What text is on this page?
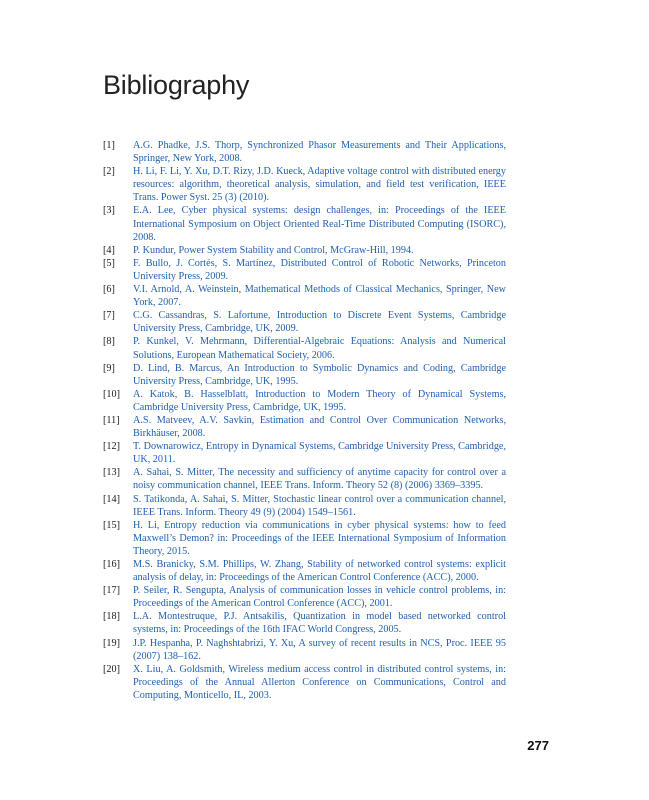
Bibliography
[1]	A.G. Phadke, J.S. Thorp, Synchronized Phasor Measurements and Their Applications, Springer, New York, 2008.
[2]	H. Li, F. Li, Y. Xu, D.T. Rizy, J.D. Kueck, Adaptive voltage control with distributed energy resources: algorithm, theoretical analysis, simulation, and field test verification, IEEE Trans. Power Syst. 25 (3) (2010).
[3]	E.A. Lee, Cyber physical systems: design challenges, in: Proceedings of the IEEE International Symposium on Object Oriented Real-Time Distributed Computing (ISORC), 2008.
[4]	P. Kundur, Power System Stability and Control, McGraw-Hill, 1994.
[5]	F. Bullo, J. Cortés, S. Martínez, Distributed Control of Robotic Networks, Princeton University Press, 2009.
[6]	V.I. Arnold, A. Weinstein, Mathematical Methods of Classical Mechanics, Springer, New York, 2007.
[7]	C.G. Cassandras, S. Lafortune, Introduction to Discrete Event Systems, Cambridge University Press, Cambridge, UK, 2009.
[8]	P. Kunkel, V. Mehrmann, Differential-Algebraic Equations: Analysis and Numerical Solutions, European Mathematical Society, 2006.
[9]	D. Lind, B. Marcus, An Introduction to Symbolic Dynamics and Coding, Cambridge University Press, Cambridge, UK, 1995.
[10]	A. Katok, B. Hasselblatt, Introduction to Modern Theory of Dynamical Systems, Cambridge University Press, Cambridge, UK, 1995.
[11]	A.S. Matveev, A.V. Savkin, Estimation and Control Over Communication Networks, Birkhäuser, 2008.
[12]	T. Downarowicz, Entropy in Dynamical Systems, Cambridge University Press, Cambridge, UK, 2011.
[13]	A. Sahai, S. Mitter, The necessity and sufficiency of anytime capacity for control over a noisy communication channel, IEEE Trans. Inform. Theory 52 (8) (2006) 3369–3395.
[14]	S. Tatikonda, A. Sahai, S. Mitter, Stochastic linear control over a communication channel, IEEE Trans. Inform. Theory 49 (9) (2004) 1549–1561.
[15]	H. Li, Entropy reduction via communications in cyber physical systems: how to feed Maxwell’s Demon? in: Proceedings of the IEEE International Symposium of Information Theory, 2015.
[16]	M.S. Branicky, S.M. Phillips, W. Zhang, Stability of networked control systems: explicit analysis of delay, in: Proceedings of the American Control Conference (ACC), 2000.
[17]	P. Seiler, R. Sengupta, Analysis of communication losses in vehicle control problems, in: Proceedings of the American Control Conference (ACC), 2001.
[18]	L.A. Montestruque, P.J. Antsakilis, Quantization in model based networked control systems, in: Proceedings of the 16th IFAC World Congress, 2005.
[19]	J.P. Hespanha, P. Naghshtabrizi, Y. Xu, A survey of recent results in NCS, Proc. IEEE 95 (2007) 138–162.
[20]	X. Liu, A. Goldsmith, Wireless medium access control in distributed control systems, in: Proceedings of the Annual Allerton Conference on Communications, Control and Computing, Monticello, IL, 2003.
277
